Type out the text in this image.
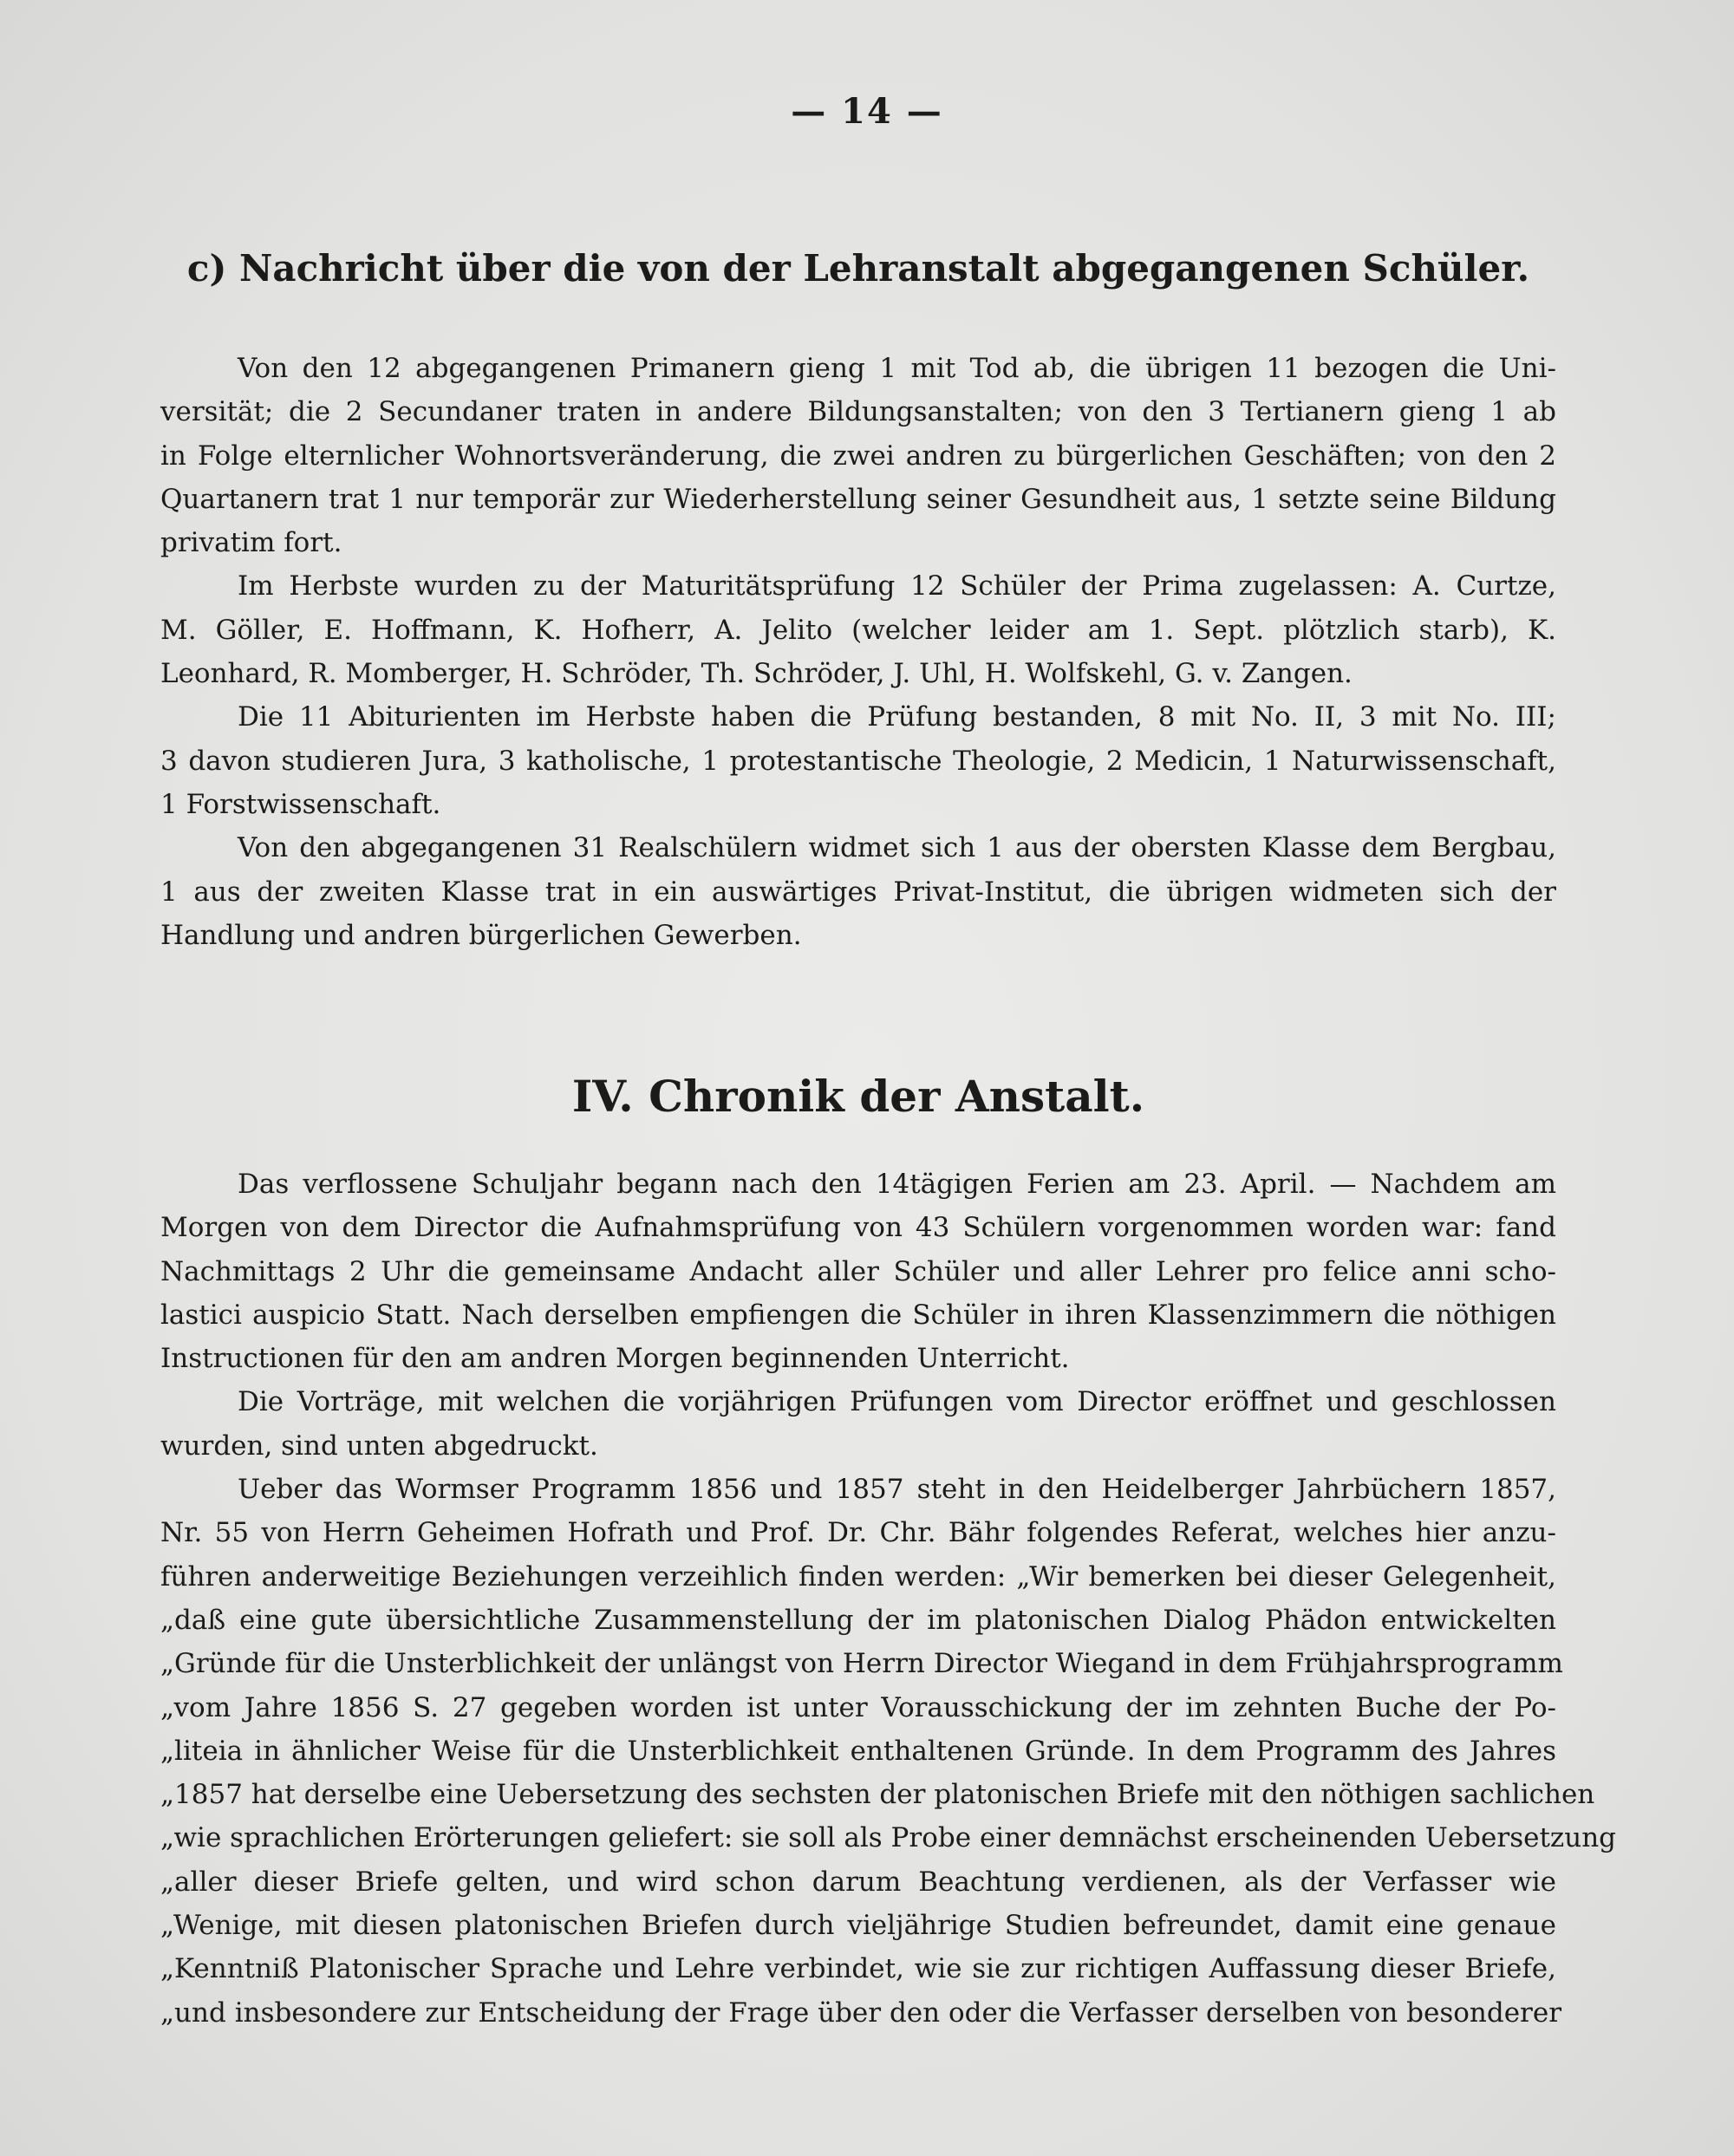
— 14 —
c) Nachricht über die von der Lehranstalt abgegangenen Schüler.
Von den 12 abgegangenen Primanern gieng 1 mit Tod ab, die übrigen 11 bezogen die Uni-
versität; die 2 Secundaner traten in andere Bildungsanstalten; von den 3 Tertianern gieng 1 ab
in Folge elternlicher Wohnortsveränderung, die zwei andren zu bürgerlichen Geschäften; von den 2
Quartanern trat 1 nur temporär zur Wiederherstellung seiner Gesundheit aus, 1 setzte seine Bildung
privatim fort.
Im Herbste wurden zu der Maturitätsprüfung 12 Schüler der Prima zugelassen: A. Curtze,
M. Göller, E. Hoffmann, K. Hofherr, A. Jelito (welcher leider am 1. Sept. plötzlich starb), K.
Leonhard, R. Momberger, H. Schröder, Th. Schröder, J. Uhl, H. Wolfskehl, G. v. Zangen.
Die 11 Abiturienten im Herbste haben die Prüfung bestanden, 8 mit No. II, 3 mit No. III;
3 davon studieren Jura, 3 katholische, 1 protestantische Theologie, 2 Medicin, 1 Naturwissenschaft,
1 Forstwissenschaft.
Von den abgegangenen 31 Realschülern widmet sich 1 aus der obersten Klasse dem Bergbau,
1 aus der zweiten Klasse trat in ein auswärtiges Privat-Institut, die übrigen widmeten sich der
Handlung und andren bürgerlichen Gewerben.
IV. Chronik der Anstalt.
Das verflossene Schuljahr begann nach den 14tägigen Ferien am 23. April. — Nachdem am
Morgen von dem Director die Aufnahmsprüfung von 43 Schülern vorgenommen worden war: fand
Nachmittags 2 Uhr die gemeinsame Andacht aller Schüler und aller Lehrer pro felice anni scho-
lastici auspicio Statt. Nach derselben empfiengen die Schüler in ihren Klassenzimmern die nöthigen
Instructionen für den am andren Morgen beginnenden Unterricht.
Die Vorträge, mit welchen die vorjährigen Prüfungen vom Director eröffnet und geschlossen
wurden, sind unten abgedruckt.
Ueber das Wormser Programm 1856 und 1857 steht in den Heidelberger Jahrbüchern 1857,
Nr. 55 von Herrn Geheimen Hofrath und Prof. Dr. Chr. Bähr folgendes Referat, welches hier anzu-
führen anderweitige Beziehungen verzeihlich finden werden: „Wir bemerken bei dieser Gelegenheit,
„daß eine gute übersichtliche Zusammenstellung der im platonischen Dialog Phädon entwickelten
„Gründe für die Unsterblichkeit der unlängst von Herrn Director Wiegand in dem Frühjahrsprogramm
„vom Jahre 1856 S. 27 gegeben worden ist unter Vorausschickung der im zehnten Buche der Po-
„liteia in ähnlicher Weise für die Unsterblichkeit enthaltenen Gründe. In dem Programm des Jahres
„1857 hat derselbe eine Uebersetzung des sechsten der platonischen Briefe mit den nöthigen sachlichen
„wie sprachlichen Erörterungen geliefert: sie soll als Probe einer demnächst erscheinenden Uebersetzung
„aller dieser Briefe gelten, und wird schon darum Beachtung verdienen, als der Verfasser wie
„Wenige, mit diesen platonischen Briefen durch vieljährige Studien befreundet, damit eine genaue
„Kenntniß Platonischer Sprache und Lehre verbindet, wie sie zur richtigen Auffassung dieser Briefe,
„und insbesondere zur Entscheidung der Frage über den oder die Verfasser derselben von besonderer
